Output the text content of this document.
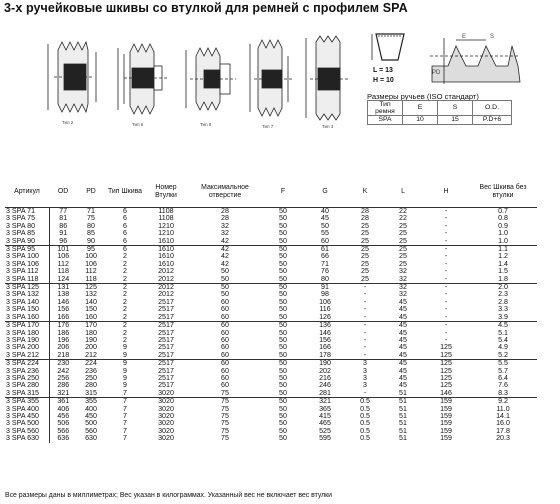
3-х ручейковые шкивы со втулкой для ремней с профилем SPA
Тип 2	Тип 6	Тип 6	Тип 7	Тип 3
L = 13
H = 10
E	S
PD
Размеры ручьев (ISO стандарт)
Тип ремня	E	S	O.D.
SPA	10	15	P.D+6
Артикул	OD	PD	Тип Шкива	Номер Втулки	Максимальное отверстие	F	G	K	L	H	Вес Шкива без втулки
3 SPA 71	77	71	6	1108	28	50	40	28	22	-	0.7
3 SPA 75	81	75	6	1108	28	50	45	28	22	-	0.8
3 SPA 80	86	80	6	1210	32	50	50	25	25	-	0.9
3 SPA 85	91	85	6	1210	32	50	55	25	25	-	1.0
3 SPA 90	96	90	6	1610	42	50	60	25	25	-	1.0
3 SPA 95	101	95	6	1610	42	50	61	25	25	-	1.1
3 SPA 100	106	100	2	1610	42	50	66	25	25	-	1.2
3 SPA 106	112	106	2	1610	42	50	71	25	25	-	1.4
3 SPA 112	118	112	2	2012	50	50	76	25	32	-	1.5
3 SPA 118	124	118	2	2012	50	50	80	25	32	-	1.8
3 SPA 125	131	125	2	2012	50	50	91	-	32	-	2.0
3 SPA 132	138	132	2	2012	50	50	98	-	32	-	2.3
3 SPA 140	146	140	2	2517	60	50	106	-	45	-	2.8
3 SPA 150	156	150	2	2517	60	50	116	-	45	-	3.3
3 SPA 160	166	160	2	2517	60	50	126	-	45	-	3.9
3 SPA 170	176	170	2	2517	60	50	136	-	45	-	4.5
3 SPA 180	186	180	2	2517	60	50	146	-	45	-	5.1
3 SPA 190	196	190	2	2517	60	50	156	-	45	-	5.4
3 SPA 200	206	200	9	2517	60	50	166	-	45	125	4.9
3 SPA 212	218	212	9	2517	60	50	178	-	45	125	5.2
3 SPA 224	230	224	9	2517	60	50	190	3	45	125	5.5
3 SPA 236	242	236	9	2517	60	50	202	3	45	125	5.7
3 SPA 250	256	250	9	2517	60	50	216	3	45	125	6.4
3 SPA 280	286	280	9	2517	60	50	246	3	45	125	7.6
3 SPA 315	321	315	7	3020	75	50	281	-	51	146	8.3
3 SPA 355	361	355	7	3020	75	50	321	0.5	51	159	9.2
3 SPA 400	406	400	7	3020	75	50	365	0.5	51	159	11.0
3 SPA 450	456	450	7	3020	75	50	415	0.5	51	159	14.1
3 SPA 500	506	500	7	3020	75	50	465	0.5	51	159	16.0
3 SPA 560	566	560	7	3020	75	50	525	0.5	51	159	17.8
3 SPA 630	636	630	7	3020	75	50	595	0.5	51	159	20.3
Все размеры даны в миллиметрах; Вес указан в килограммах. Указанный вес не включает вес втулки
